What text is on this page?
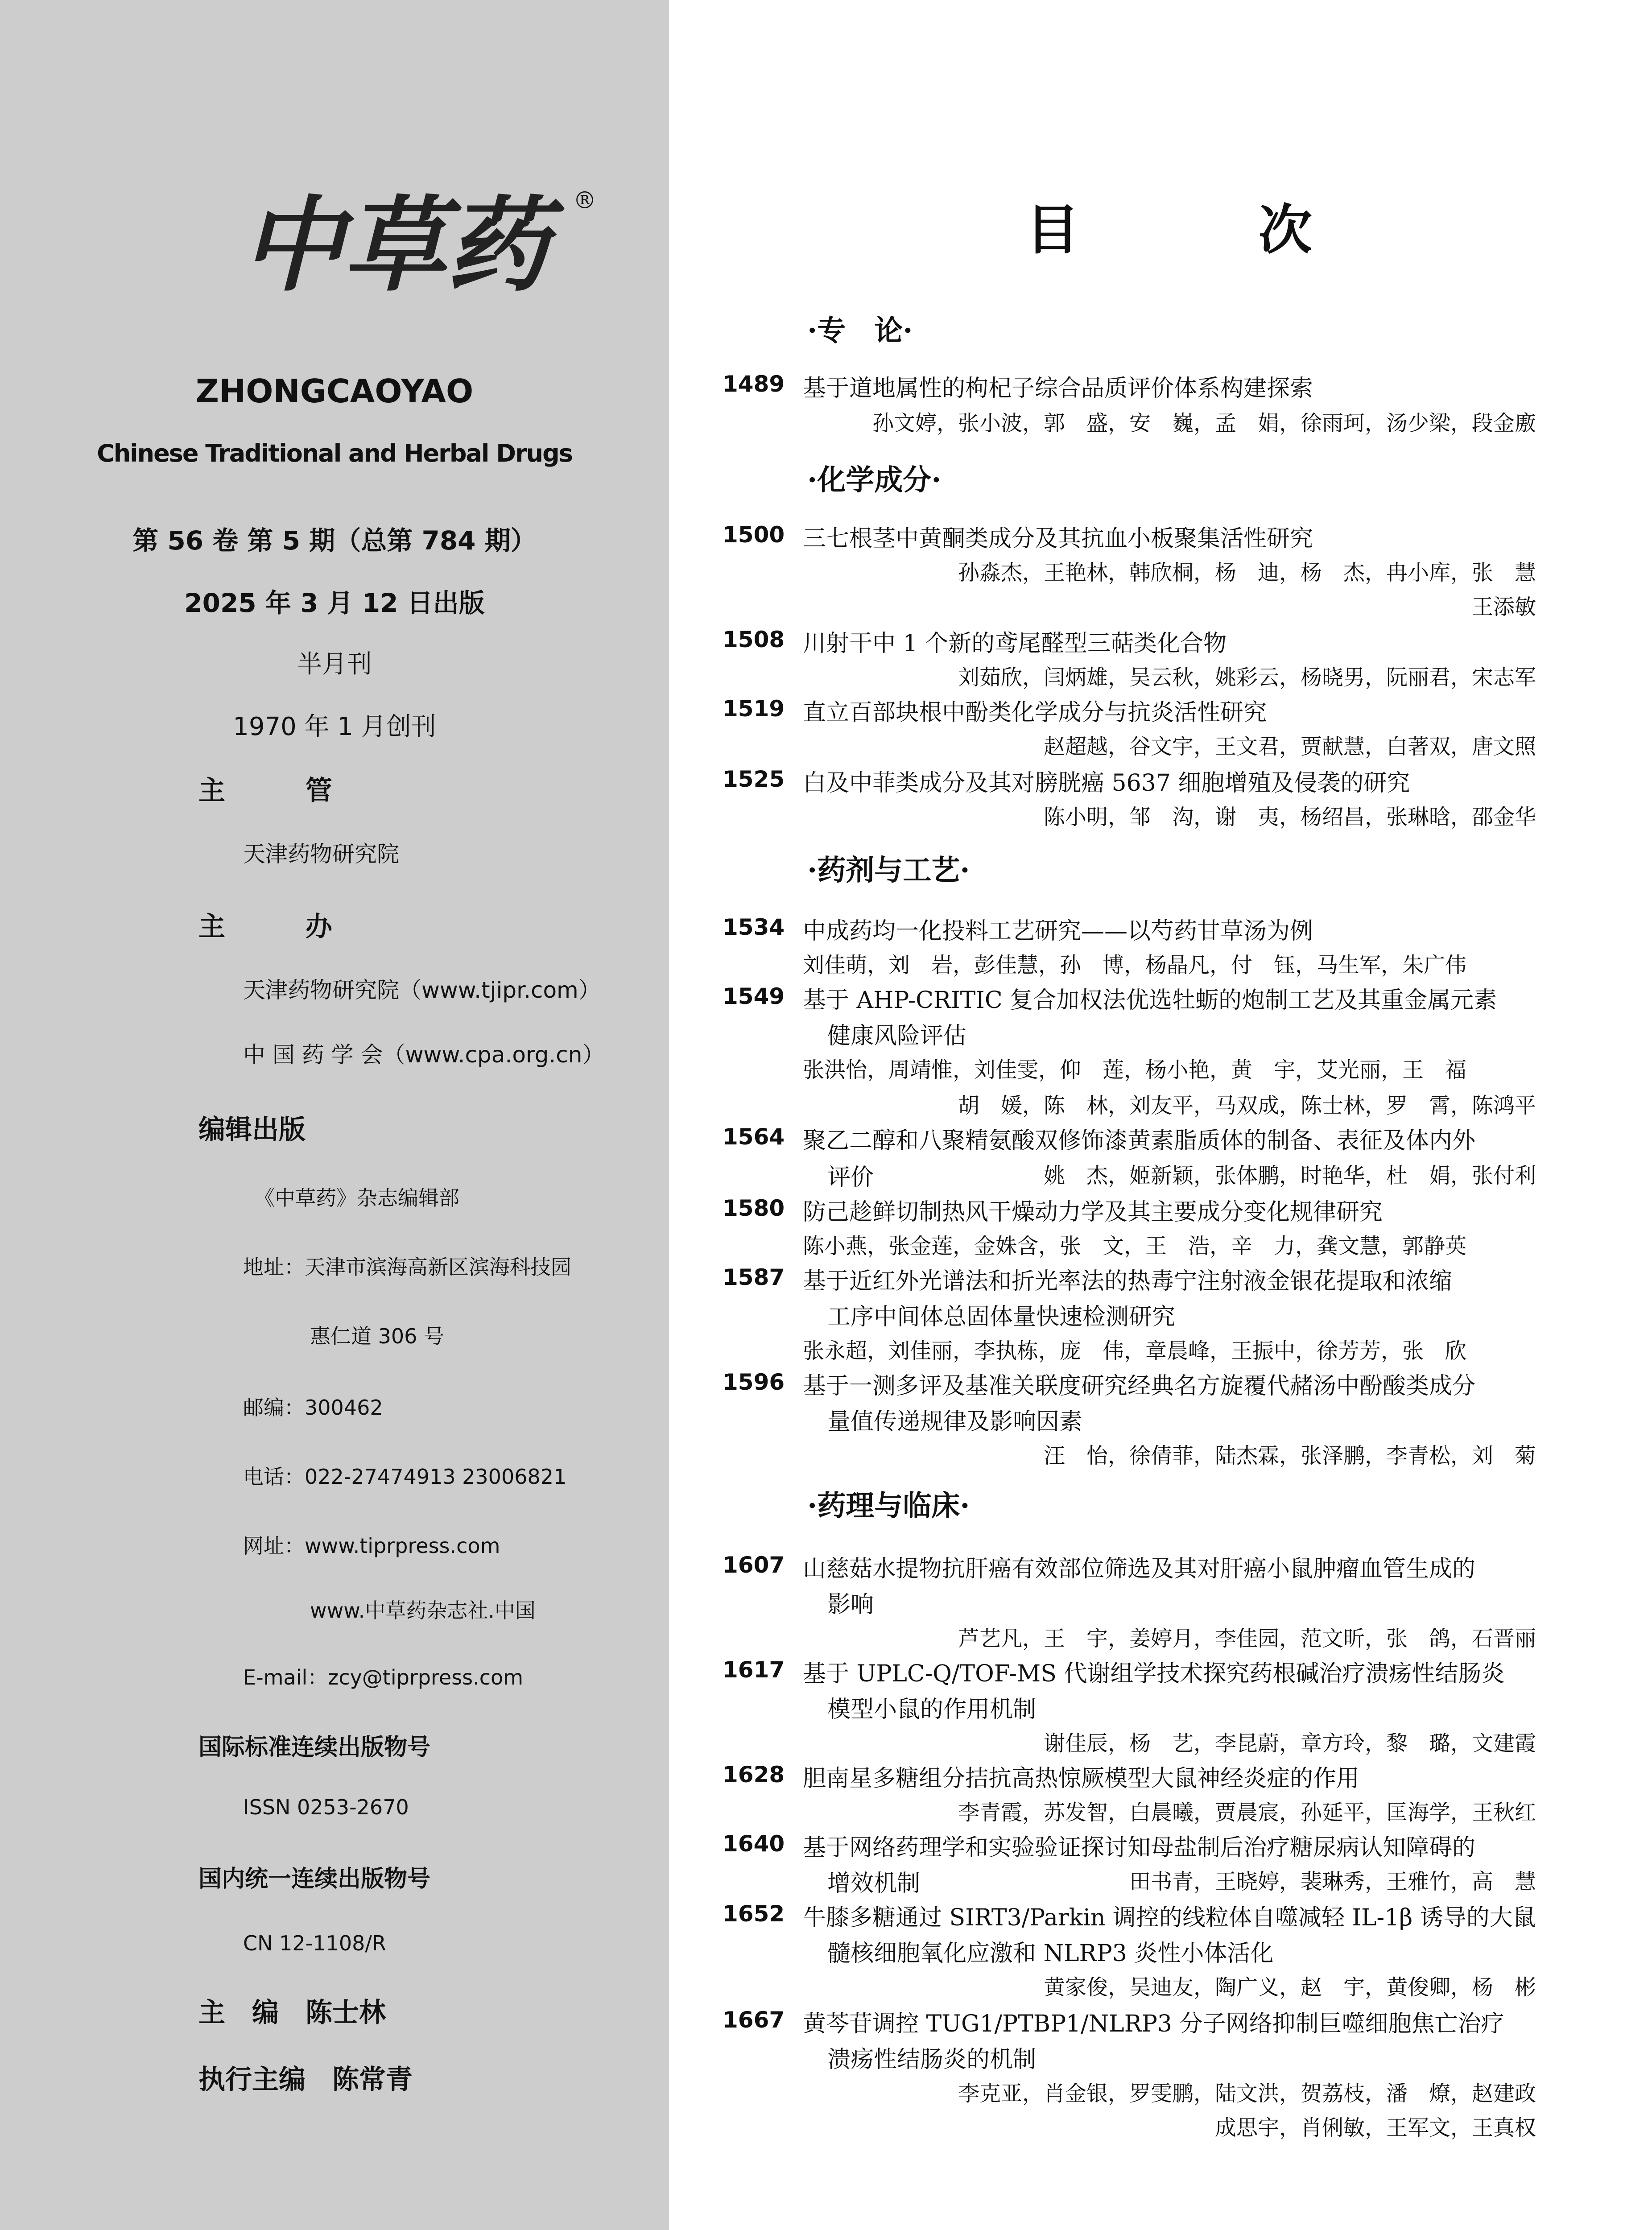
中草药	®
ZHONGCAOYAO
Chinese Traditional and Herbal Drugs
第 56 卷 第 5 期（总第 784 期）
2025 年 3 月 12 日出版
半月刊
1970 年 1 月创刊
主　管
天津药物研究院
主　办
天津药物研究院（www.tjipr.com）
中 国 药 学 会（www.cpa.org.cn）
编辑出版
《中草药》杂志编辑部
地址：天津市滨海高新区滨海科技园
惠仁道 306 号
邮编：300462
电话：022-27474913 23006821
网址：www.tiprpress.com
www.中草药杂志社.中国
E-mail：zcy@tiprpress.com
国际标准连续出版物号
ISSN 0253-2670
国内统一连续出版物号
CN 12-1108/R
主　编　陈士林
执行主编　陈常青
目 次
·专　论·
·化学成分·
·药剂与工艺·
·药理与临床·
1489 基于道地属性的枸杞子综合品质评价体系构建探索
孙文婷，张小波，郭　盛，安　巍，孟　娟，徐雨珂，汤少梁，段金廒
1500 三七根茎中黄酮类成分及其抗血小板聚集活性研究
孙淼杰，王艳林，韩欣桐，杨　迪，杨　杰，冉小库，张　慧
王添敏
1508 川射干中 1 个新的鸢尾醛型三萜类化合物
刘茹欣，闫炳雄，吴云秋，姚彩云，杨晓男，阮丽君，宋志军
1519 直立百部块根中酚类化学成分与抗炎活性研究
赵超越，谷文宇，王文君，贾献慧，白著双，唐文照
1525 白及中菲类成分及其对膀胱癌 5637 细胞增殖及侵袭的研究
陈小明，邹　沟，谢　夷，杨绍昌，张琳晗，邵金华
1534 中成药均一化投料工艺研究——以芍药甘草汤为例
刘佳萌，刘　岩，彭佳慧，孙　博，杨晶凡，付　钰，马生军，朱广伟
1549 基于 AHP-CRITIC 复合加权法优选牡蛎的炮制工艺及其重金属元素
健康风险评估
张洪怡，周靖惟，刘佳雯，仰　莲，杨小艳，黄　宇，艾光丽，王　福
胡　媛，陈　林，刘友平，马双成，陈士林，罗　霄，陈鸿平
1564 聚乙二醇和八聚精氨酸双修饰漆黄素脂质体的制备、表征及体内外
评价	姚　杰，姬新颖，张体鹏，时艳华，杜　娟，张付利
1580 防己趁鲜切制热风干燥动力学及其主要成分变化规律研究
陈小燕，张金莲，金姝含，张　文，王　浩，辛　力，龚文慧，郭静英
1587 基于近红外光谱法和折光率法的热毒宁注射液金银花提取和浓缩
工序中间体总固体量快速检测研究
张永超，刘佳丽，李执栋，庞　伟，章晨峰，王振中，徐芳芳，张　欣
1596 基于一测多评及基准关联度研究经典名方旋覆代赭汤中酚酸类成分
量值传递规律及影响因素
汪　怡，徐倩菲，陆杰霖，张泽鹏，李青松，刘　菊
1607 山慈菇水提物抗肝癌有效部位筛选及其对肝癌小鼠肿瘤血管生成的
影响
芦艺凡，王　宇，姜婷月，李佳园，范文昕，张　鸽，石晋丽
1617 基于 UPLC-Q/TOF-MS 代谢组学技术探究药根碱治疗溃疡性结肠炎
模型小鼠的作用机制
谢佳辰，杨　艺，李昆蔚，章方玲，黎　璐，文建霞
1628 胆南星多糖组分拮抗高热惊厥模型大鼠神经炎症的作用
李青霞，苏发智，白晨曦，贾晨宸，孙延平，匡海学，王秋红
1640 基于网络药理学和实验验证探讨知母盐制后治疗糖尿病认知障碍的
增效机制	田书青，王晓婷，裴琳秀，王雅竹，高　慧
1652 牛膝多糖通过 SIRT3/Parkin 调控的线粒体自噬减轻 IL-1β 诱导的大鼠
髓核细胞氧化应激和 NLRP3 炎性小体活化
黄家俊，吴迪友，陶广义，赵　宇，黄俊卿，杨　彬
1667 黄芩苷调控 TUG1/PTBP1/NLRP3 分子网络抑制巨噬细胞焦亡治疗
溃疡性结肠炎的机制
李克亚，肖金银，罗雯鹏，陆文洪，贺荔枝，潘　燎，赵建政
成思宇，肖俐敏，王军文，王真权
